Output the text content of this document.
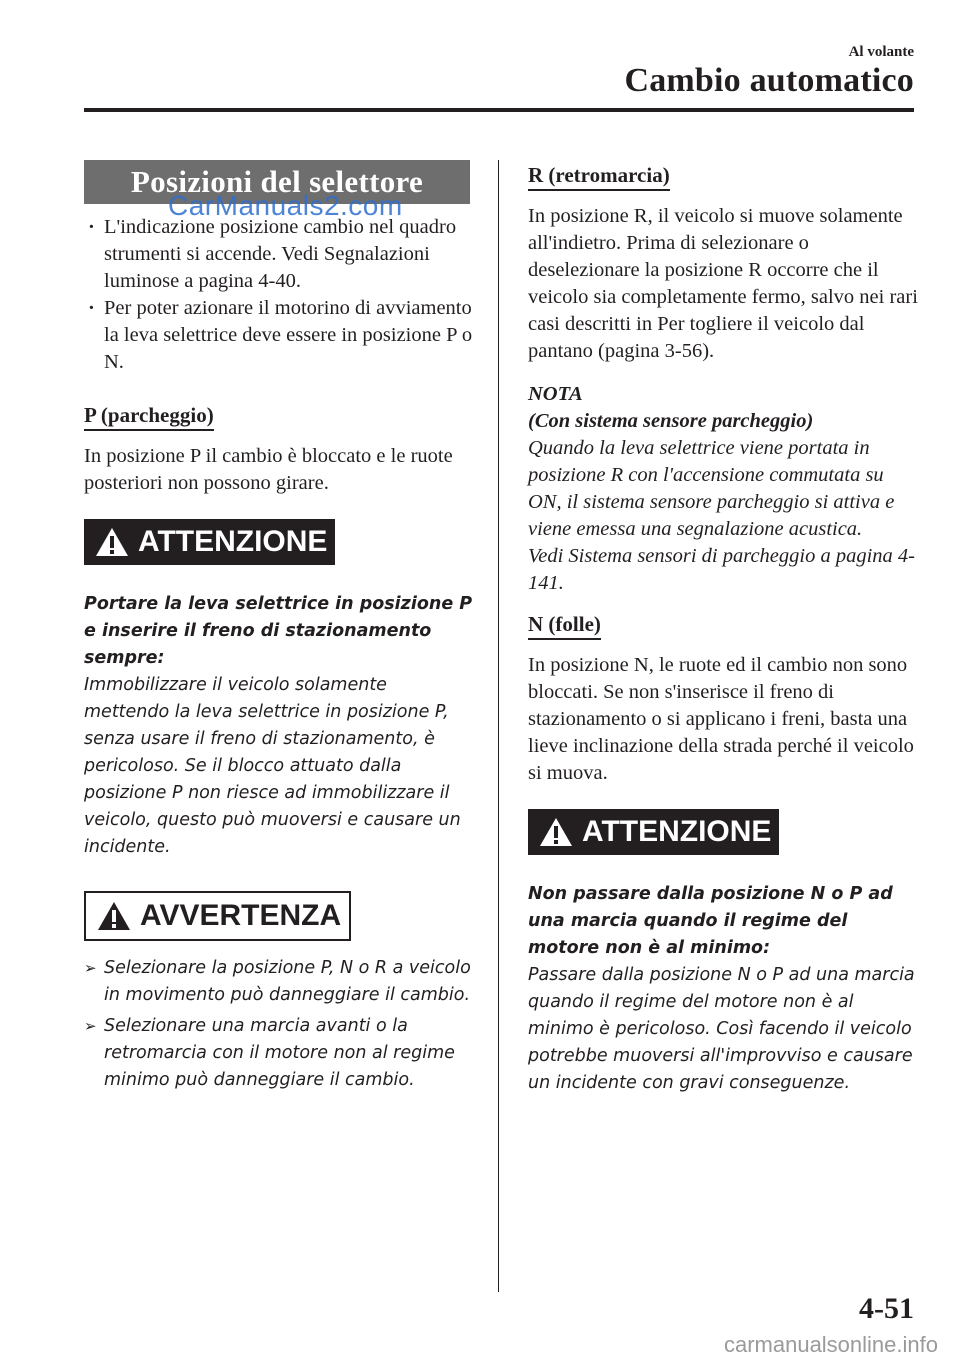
Al volante
Cambio automatico
Posizioni del selettore
· L'indicazione posizione cambio nel quadro strumenti si accende. Vedi Segnalazioni luminose a pagina 4-40.
· Per poter azionare il motorino di avviamento la leva selettrice deve essere in posizione P o N.
P (parcheggio)
In posizione P il cambio è bloccato e le ruote posteriori non possono girare.
ATTENZIONE
Portare la leva selettrice in posizione P e inserire il freno di stazionamento sempre:
Immobilizzare il veicolo solamente mettendo la leva selettrice in posizione P, senza usare il freno di stazionamento, è pericoloso. Se il blocco attuato dalla posizione P non riesce ad immobilizzare il veicolo, questo può muoversi e causare un incidente.
AVVERTENZA
➢ Selezionare la posizione P, N o R a veicolo in movimento può danneggiare il cambio.
➢ Selezionare una marcia avanti o la retromarcia con il motore non al regime minimo può danneggiare il cambio.
CarManuals2.com
R (retromarcia)
In posizione R, il veicolo si muove solamente all'indietro. Prima di selezionare o deselezionare la posizione R occorre che il veicolo sia completamente fermo, salvo nei rari casi descritti in Per togliere il veicolo dal pantano (pagina 3-56).
NOTA
(Con sistema sensore parcheggio)
Quando la leva selettrice viene portata in posizione R con l'accensione commutata su ON, il sistema sensore parcheggio si attiva e viene emessa una segnalazione acustica.
Vedi Sistema sensori di parcheggio a pagina 4-141.
N (folle)
In posizione N, le ruote ed il cambio non sono bloccati. Se non s'inserisce il freno di stazionamento o si applicano i freni, basta una lieve inclinazione della strada perché il veicolo si muova.
ATTENZIONE
Non passare dalla posizione N o P ad una marcia quando il regime del motore non è al minimo:
Passare dalla posizione N o P ad una marcia quando il regime del motore non è al minimo è pericoloso. Così facendo il veicolo potrebbe muoversi all'improvviso e causare un incidente con gravi conseguenze.
4-51
carmanualsonline.info
